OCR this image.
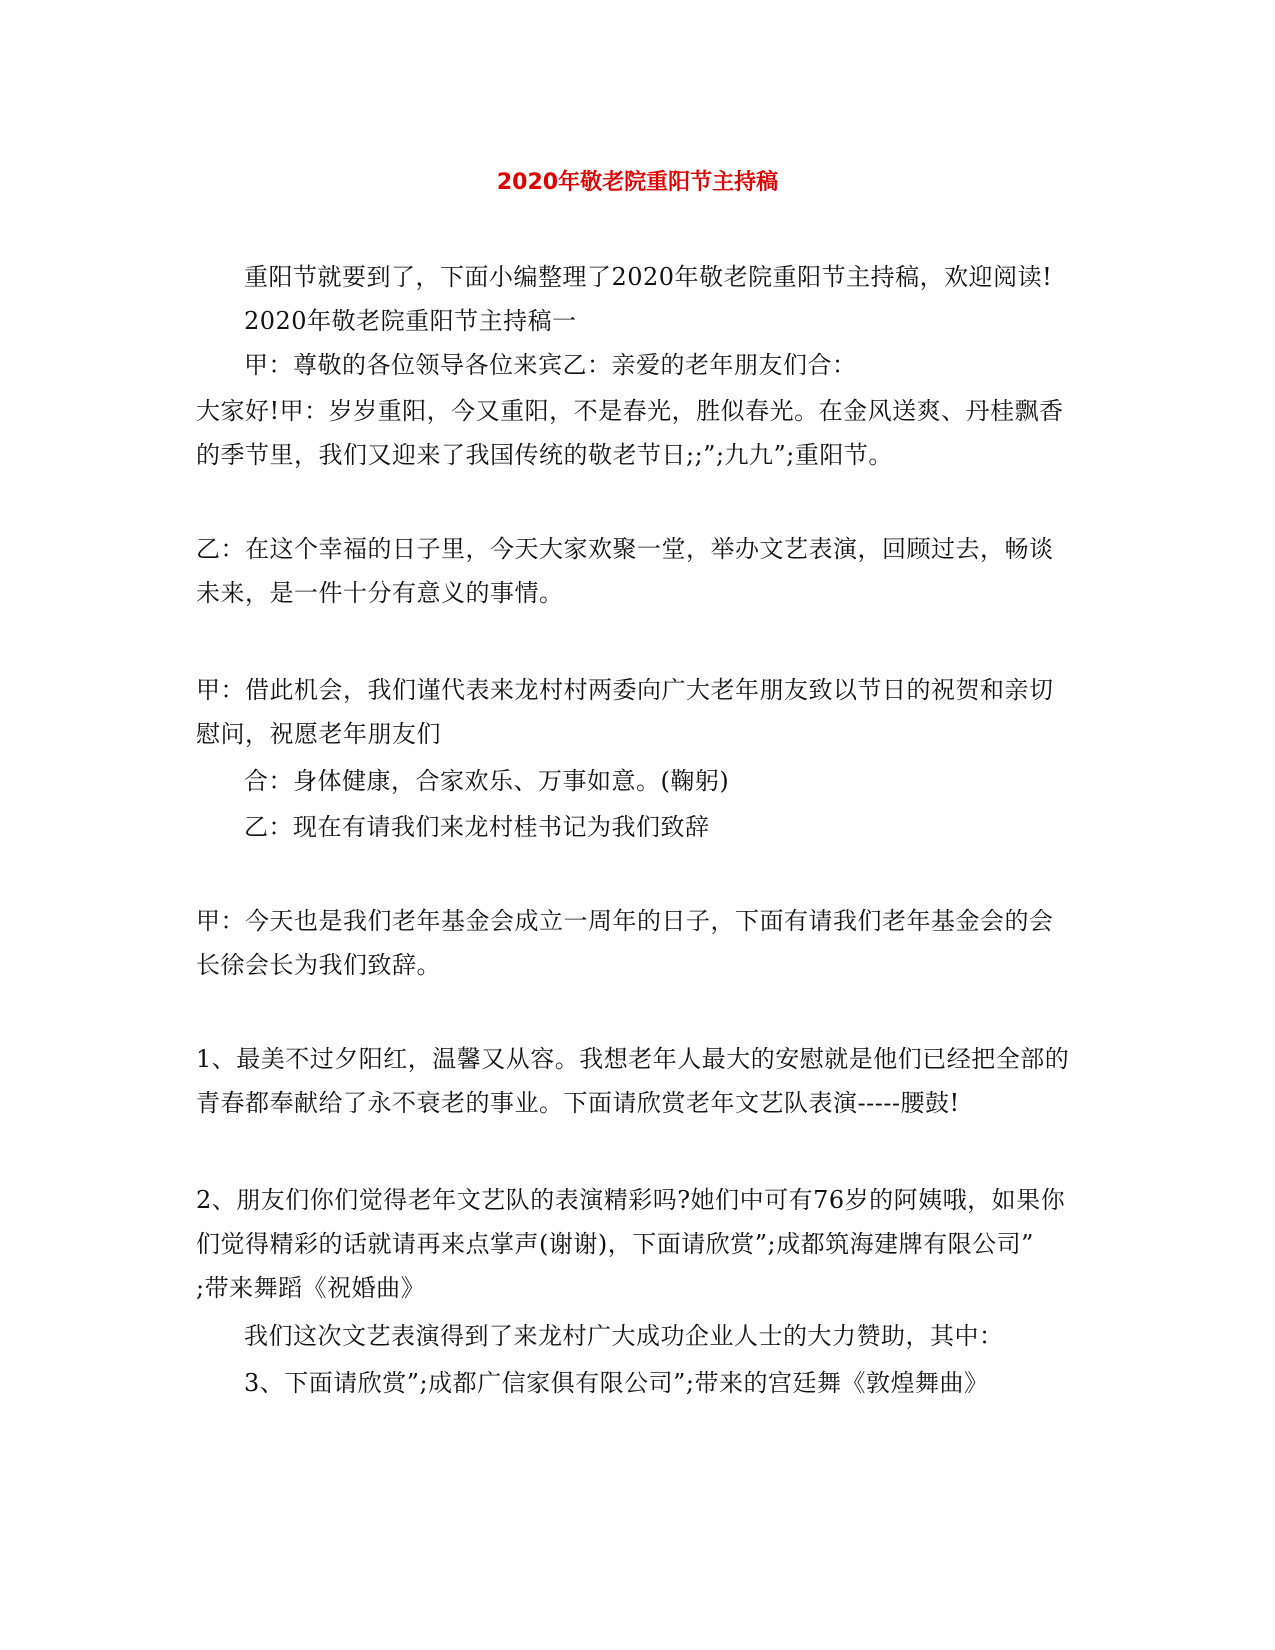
2020年敬老院重阳节主持稿

重阳节就要到了，下面小编整理了2020年敬老院重阳节主持稿，欢迎阅读!

2020年敬老院重阳节主持稿一

甲：尊敬的各位领导各位来宾乙：亲爱的老年朋友们合：

大家好!甲：岁岁重阳，今又重阳，不是春光，胜似春光。在金风送爽、丹桂飘香
的季节里，我们又迎来了我国传统的敬老节日;;”;九九”;重阳节。

乙：在这个幸福的日子里，今天大家欢聚一堂，举办文艺表演，回顾过去，畅谈
未来，是一件十分有意义的事情。

甲：借此机会，我们谨代表来龙村村两委向广大老年朋友致以节日的祝贺和亲切
慰问，祝愿老年朋友们

合：身体健康，合家欢乐、万事如意。(鞠躬)

乙：现在有请我们来龙村桂书记为我们致辞

甲：今天也是我们老年基金会成立一周年的日子，下面有请我们老年基金会的会
长徐会长为我们致辞。

1、最美不过夕阳红，温馨又从容。我想老年人最大的安慰就是他们已经把全部的
青春都奉献给了永不衰老的事业。下面请欣赏老年文艺队表演-----腰鼓!

2、朋友们你们觉得老年文艺队的表演精彩吗?她们中可有76岁的阿姨哦，如果你
们觉得精彩的话就请再来点掌声(谢谢)，下面请欣赏”;成都筑海建牌有限公司”
;带来舞蹈《祝婚曲》

我们这次文艺表演得到了来龙村广大成功企业人士的大力赞助，其中：

3、下面请欣赏”;成都广信家俱有限公司”;带来的宫廷舞《敦煌舞曲》
